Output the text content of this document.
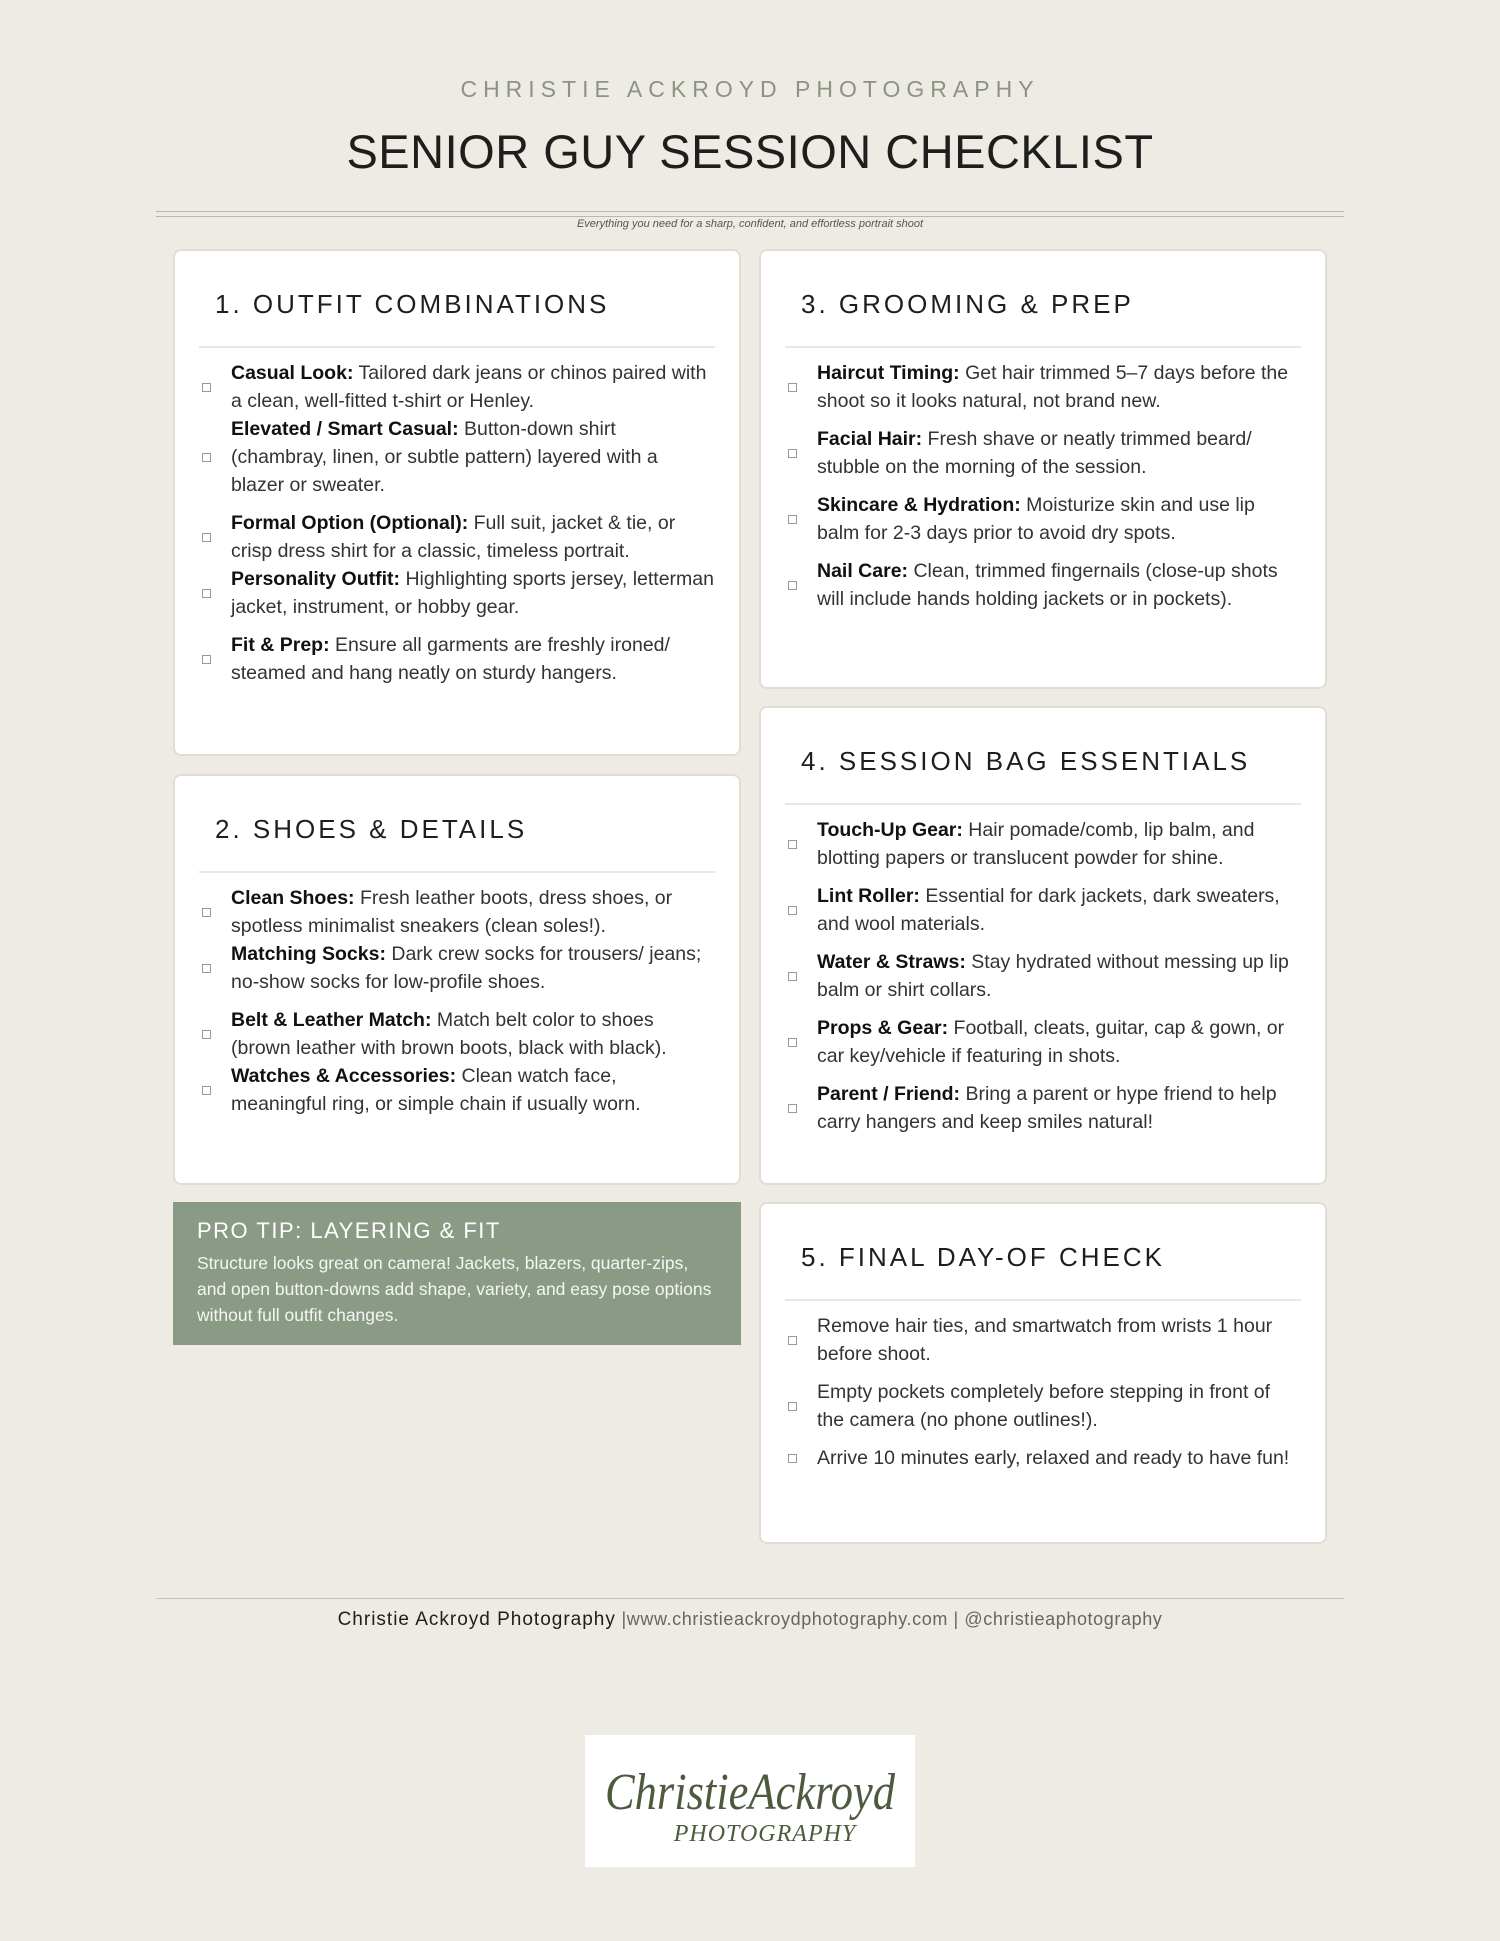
CHRISTIE ACKROYD PHOTOGRAPHY
SENIOR GUY SESSION CHECKLIST
Everything you need for a sharp, confident, and effortless portrait shoot
1. OUTFIT COMBINATIONS
Casual Look: Tailored dark jeans or chinos paired with a clean, well-fitted t-shirt or Henley.
Elevated / Smart Casual: Button-down shirt (chambray, linen, or subtle pattern) layered with a blazer or sweater.
Formal Option (Optional): Full suit, jacket & tie, or crisp dress shirt for a classic, timeless portrait.
Personality Outfit: Highlighting sports jersey, letterman jacket, instrument, or hobby gear.
Fit & Prep: Ensure all garments are freshly ironed/ steamed and hang neatly on sturdy hangers.
2. SHOES & DETAILS
Clean Shoes: Fresh leather boots, dress shoes, or spotless minimalist sneakers (clean soles!).
Matching Socks: Dark crew socks for trousers/ jeans; no-show socks for low-profile shoes.
Belt & Leather Match: Match belt color to shoes (brown leather with brown boots, black with black).
Watches & Accessories: Clean watch face, meaningful ring, or simple chain if usually worn.
PRO TIP: LAYERING & FIT
Structure looks great on camera! Jackets, blazers, quarter-zips, and open button-downs add shape, variety, and easy pose options without full outfit changes.
3. GROOMING & PREP
Haircut Timing: Get hair trimmed 5–7 days before the shoot so it looks natural, not brand new.
Facial Hair: Fresh shave or neatly trimmed beard/ stubble on the morning of the session.
Skincare & Hydration: Moisturize skin and use lip balm for 2-3 days prior to avoid dry spots.
Nail Care: Clean, trimmed fingernails (close-up shots will include hands holding jackets or in pockets).
4. SESSION BAG ESSENTIALS
Touch-Up Gear: Hair pomade/comb, lip balm, and blotting papers or translucent powder for shine.
Lint Roller: Essential for dark jackets, dark sweaters, and wool materials.
Water & Straws: Stay hydrated without messing up lip balm or shirt collars.
Props & Gear: Football, cleats, guitar, cap & gown, or car key/vehicle if featuring in shots.
Parent / Friend: Bring a parent or hype friend to help carry hangers and keep smiles natural!
5. FINAL DAY-OF CHECK
Remove hair ties, and smartwatch from wrists 1 hour before shoot.
Empty pockets completely before stepping in front of the camera (no phone outlines!).
Arrive 10 minutes early, relaxed and ready to have fun!
Christie Ackroyd Photography |www.christieackroydphotography.com | @christieaphotography
ChristieAckroyd
PHOTOGRAPHY
